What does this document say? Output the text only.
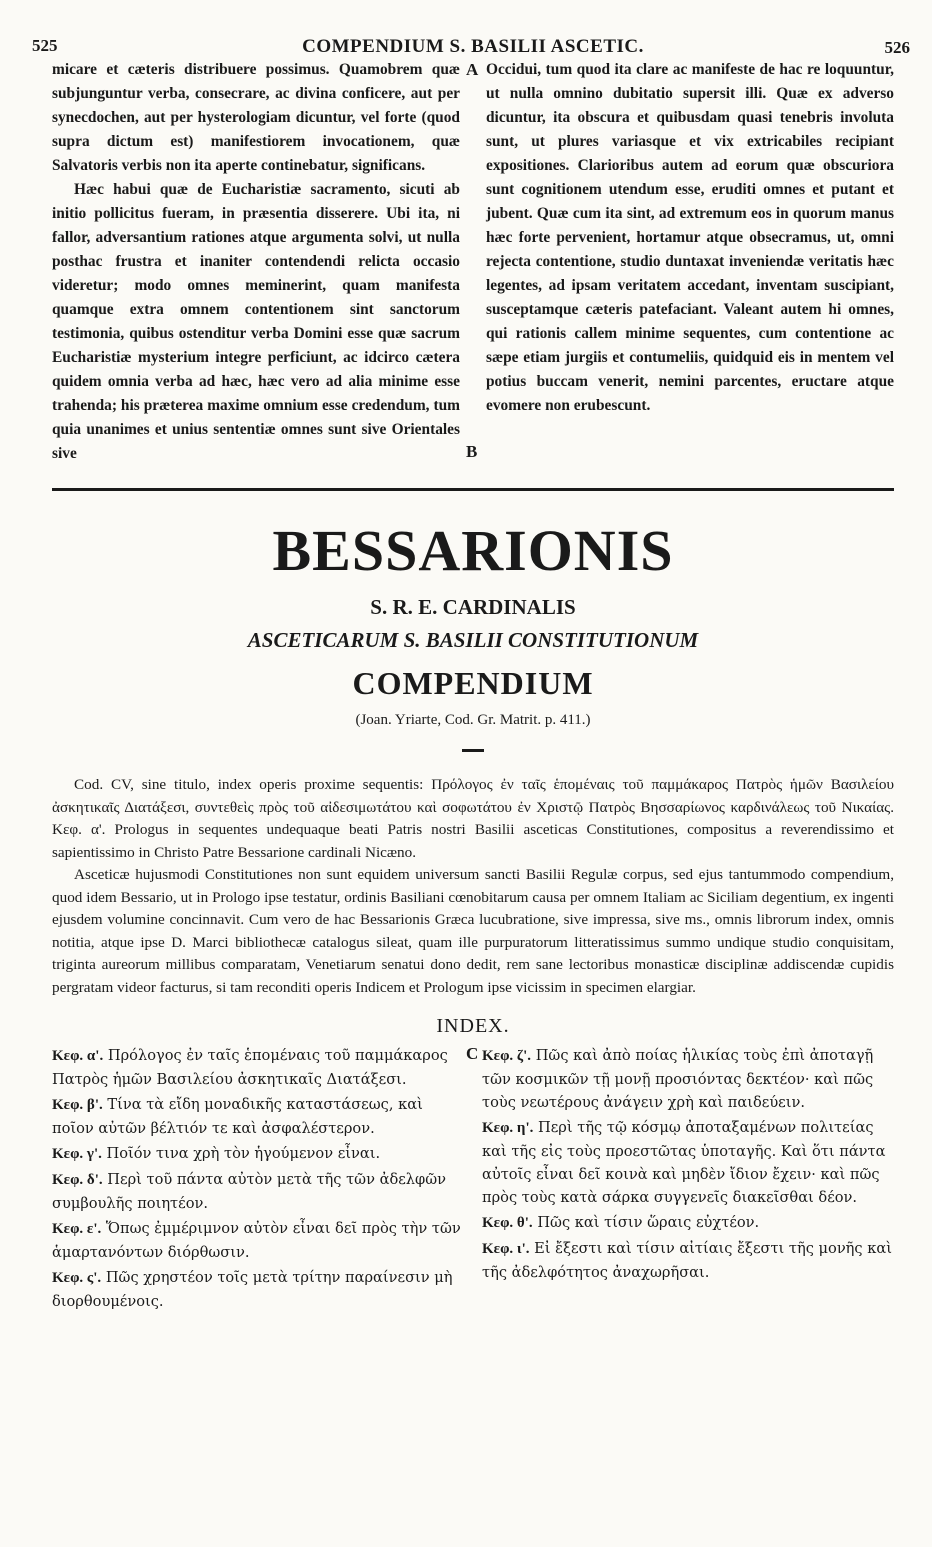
525	COMPENDIUM S. BASILII ASCETIC.	526

micare et cæteris distribuere possimus. Quamobrem quæ subjunguntur verba, consecrare, ac divina conficere, aut per synecdochen, aut per hysterologiam dicuntur, vel forte (quod supra dictum est) manifestiorem invocationem, quæ Salvatoris verbis non ita aperte continebatur, significans.

Hæc habui quæ de Eucharistiæ sacramento, sicuti ab initio pollicitus fueram, in præsentia disserere. Ubi ita, ni fallor, adversantium rationes atque argumenta solvi, ut nulla posthac frustra et inaniter contendendi relicta occasio videretur; modo omnes meminerint, quam manifesta quamque extra omnem contentionem sint sanctorum testimonia, quibus ostenditur verba Domini esse quæ sacrum Eucharistiæ mysterium integre perficiunt, ac idcirco cætera quidem omnia verba ad hæc, hæc vero ad alia minime esse trahenda; his præterea maxime omnium esse credendum, tum quia unanimes et unius sententiæ omnes sunt sive Orientales sive

Occidui, tum quod ita clare ac manifeste de hac re loquuntur, ut nulla omnino dubitatio supersit illi. Quæ ex adverso dicuntur, ita obscura et quibusdam quasi tenebris involuta sunt, ut plures variasque et vix extricabiles recipiant expositiones. Clarioribus autem ad eorum quæ obscuriora sunt cognitionem utendum esse, eruditi omnes et putant et jubent. Quæ cum ita sint, ad extremum eos in quorum manus hæc forte pervenient, hortamur atque obsecramus, ut, omni rejecta contentione, studio duntaxat inveniendæ veritatis hæc legentes, ad ipsam veritatem accedant, inventam suscipiant, susceptamque cæteris patefaciant. Valeant autem hi omnes, qui rationis callem minime sequentes, cum contentione ac sæpe etiam jurgiis et contumeliis, quidquid eis in mentem vel potius buccam venerit, nemini parcentes, eructare atque evomere non erubescunt.

A
B
BESSARIONIS
S. R. E. CARDINALIS
ASCETICARUM S. BASILII CONSTITUTIONUM
COMPENDIUM
(Joan. Yriarte, Cod. Gr. Matrit. p. 411.)

Cod. CV, sine titulo, index operis proxime sequentis: Πρόλογος ἐν ταῖς ἑπομέναις τοῦ παμμάκαρος Πατρὸς ἡμῶν Βασιλείου ἀσκητικαῖς Διατάξεσι, συντεθεὶς πρὸς τοῦ αἰδεσιμωτάτου καὶ σοφωτάτου ἐν Χριστῷ Πατρὸς Βησσαρίωνος καρδινάλεως τοῦ Νικαίας. Κεφ. α'. Prologus in sequentes undequaque beati Patris nostri Basilii asceticas Constitutiones, compositus a reverendissimo et sapientissimo in Christo Patre Bessarione cardinali Nicæno.

Asceticæ hujusmodi Constitutiones non sunt equidem universum sancti Basilii Regulæ corpus, sed ejus tantummodo compendium, quod idem Bessario, ut in Prologo ipse testatur, ordinis Basiliani cœnobitarum causa per omnem Italiam ac Siciliam degentium, ex ingenti ejusdem volumine concinnavit. Cum vero de hac Bessarionis Græca lucubratione, sive impressa, sive ms., omnis librorum index, omnis notitia, atque ipse D. Marci bibliothecæ catalogus sileat, quam ille purpuratorum litteratissimus summo undique studio conquisitam, triginta aureorum millibus comparatam, Venetiarum senatui dono dedit, rem sane lectoribus monasticæ disciplinæ addiscendæ cupidis pergratam videor facturus, si tam reconditi operis Indicem et Prologum ipse vicissim in specimen elargiar.

INDEX.

Κεφ. α'. Πρόλογος ἐν ταῖς ἑπομέναις τοῦ παμμάκαρος Πατρὸς ἡμῶν Βασιλείου ἀσκητικαῖς Διατάξεσι.

Κεφ. β'. Τίνα τὰ εἴδη μοναδικῆς καταστάσεως, καὶ ποῖον αὐτῶν βέλτιόν τε καὶ ἀσφαλέστερον.

Κεφ. γ'. Ποῖόν τινα χρὴ τὸν ἡγούμενον εἶναι.

Κεφ. δ'. Περὶ τοῦ πάντα αὐτὸν μετὰ τῆς τῶν ἀδελφῶν συμβουλῆς ποιητέον.

Κεφ. ε'. Ὅπως ἐμμέριμνον αὐτὸν εἶναι δεῖ πρὸς τὴν τῶν ἁμαρτανόντων διόρθωσιν.

Κεφ. ς'. Πῶς χρηστέον τοῖς μετὰ τρίτην παραίνεσιν μὴ διορθουμένοις.

Κεφ. ζ'. Πῶς καὶ ἀπὸ ποίας ἡλικίας τοὺς ἐπὶ ἀποταγῇ τῶν κοσμικῶν τῇ μονῇ προσιόντας δεκτέον· καὶ πῶς τοὺς νεωτέρους ἀνάγειν χρὴ καὶ παιδεύειν.

Κεφ. η'. Περὶ τῆς τῷ κόσμῳ ἀποταξαμένων πολιτείας καὶ τῆς εἰς τοὺς προεστῶτας ὑποταγῆς. Καὶ ὅτι πάντα αὐτοῖς εἶναι δεῖ κοινὰ καὶ μηδὲν ἴδιον ἔχειν· καὶ πῶς πρὸς τοὺς κατὰ σάρκα συγγενεῖς διακεῖσθαι δέον.

Κεφ. θ'. Πῶς καὶ τίσιν ὥραις εὐχτέον.

Κεφ. ι'. Εἰ ἔξεστι καὶ τίσιν αἰτίαις ἔξεστι τῆς μονῆς καὶ τῆς ἀδελφότητος ἀναχωρῆσαι.

C
